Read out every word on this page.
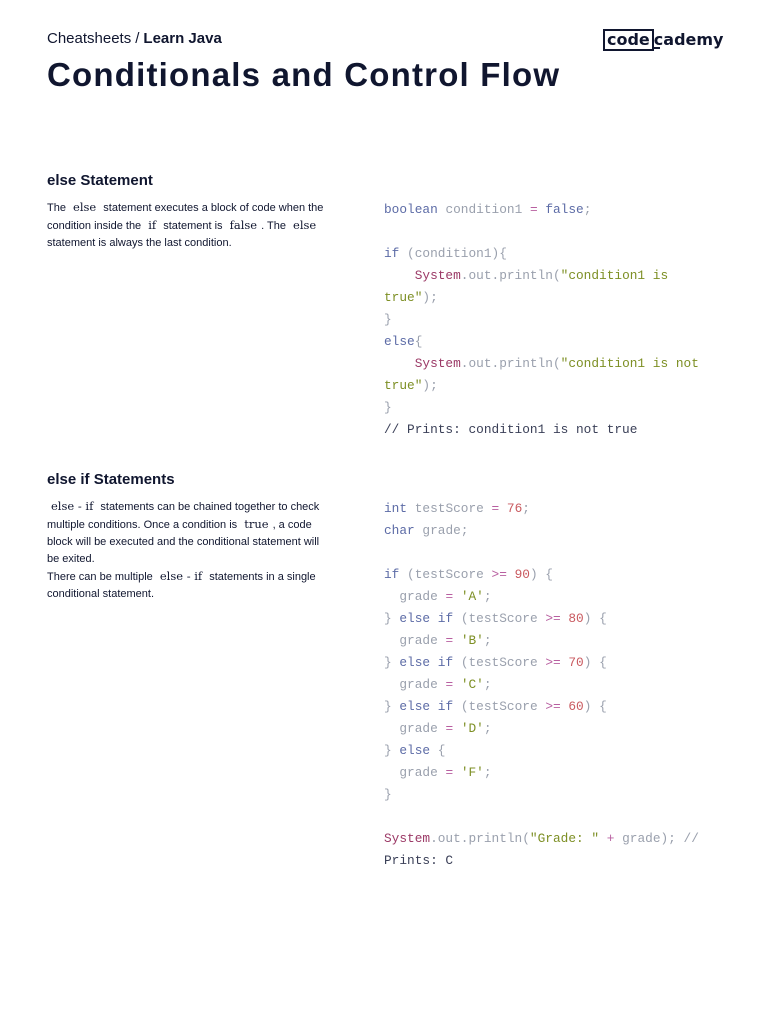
Cheatsheets / Learn Java	code cademy
Conditionals and Control Flow
else Statement
The else statement executes a block of code when the condition inside the if statement is false . The else statement is always the last condition.
boolean condition1 = false;
if (condition1){
System.out.println("condition1 is
true");
}
else{
System.out.println("condition1 is not
true");
}
// Prints: condition1 is not true
else if Statements
else - if statements can be chained together to check multiple conditions. Once a condition is true , a code block will be executed and the conditional statement will be exited.
There can be multiple else - if statements in a single conditional statement.
int testScore = 76;
char grade;
if (testScore >= 90) {
grade = 'A';
} else if (testScore >= 80) {
grade = 'B';
} else if (testScore >= 70) {
grade = 'C';
} else if (testScore >= 60) {
grade = 'D';
} else {
grade = 'F';
}
System.out.println("Grade: " + grade); //
Prints: C
